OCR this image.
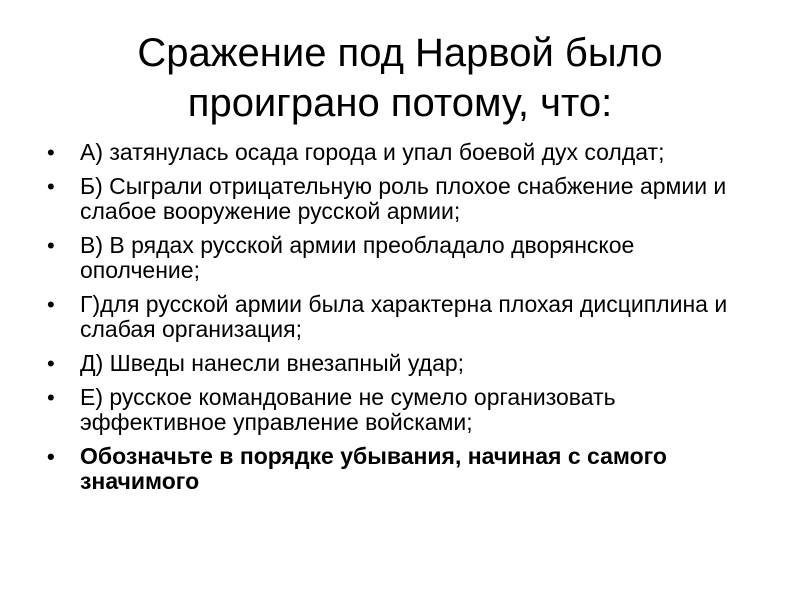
Сражение под Нарвой было проиграно потому, что:
•	А) затянулась осада города и упал боевой дух солдат;
•	Б) Сыграли отрицательную роль плохое снабжение армии и слабое вооружение русской армии;
•	В) В рядах русской армии преобладало дворянское ополчение;
•	Г)для русской армии была характерна плохая дисциплина и слабая организация;
•	Д) Шведы нанесли внезапный удар;
•	Е) русское командование не сумело организовать эффективное управление войсками;
•	Обозначьте в порядке убывания, начиная с самого значимого
